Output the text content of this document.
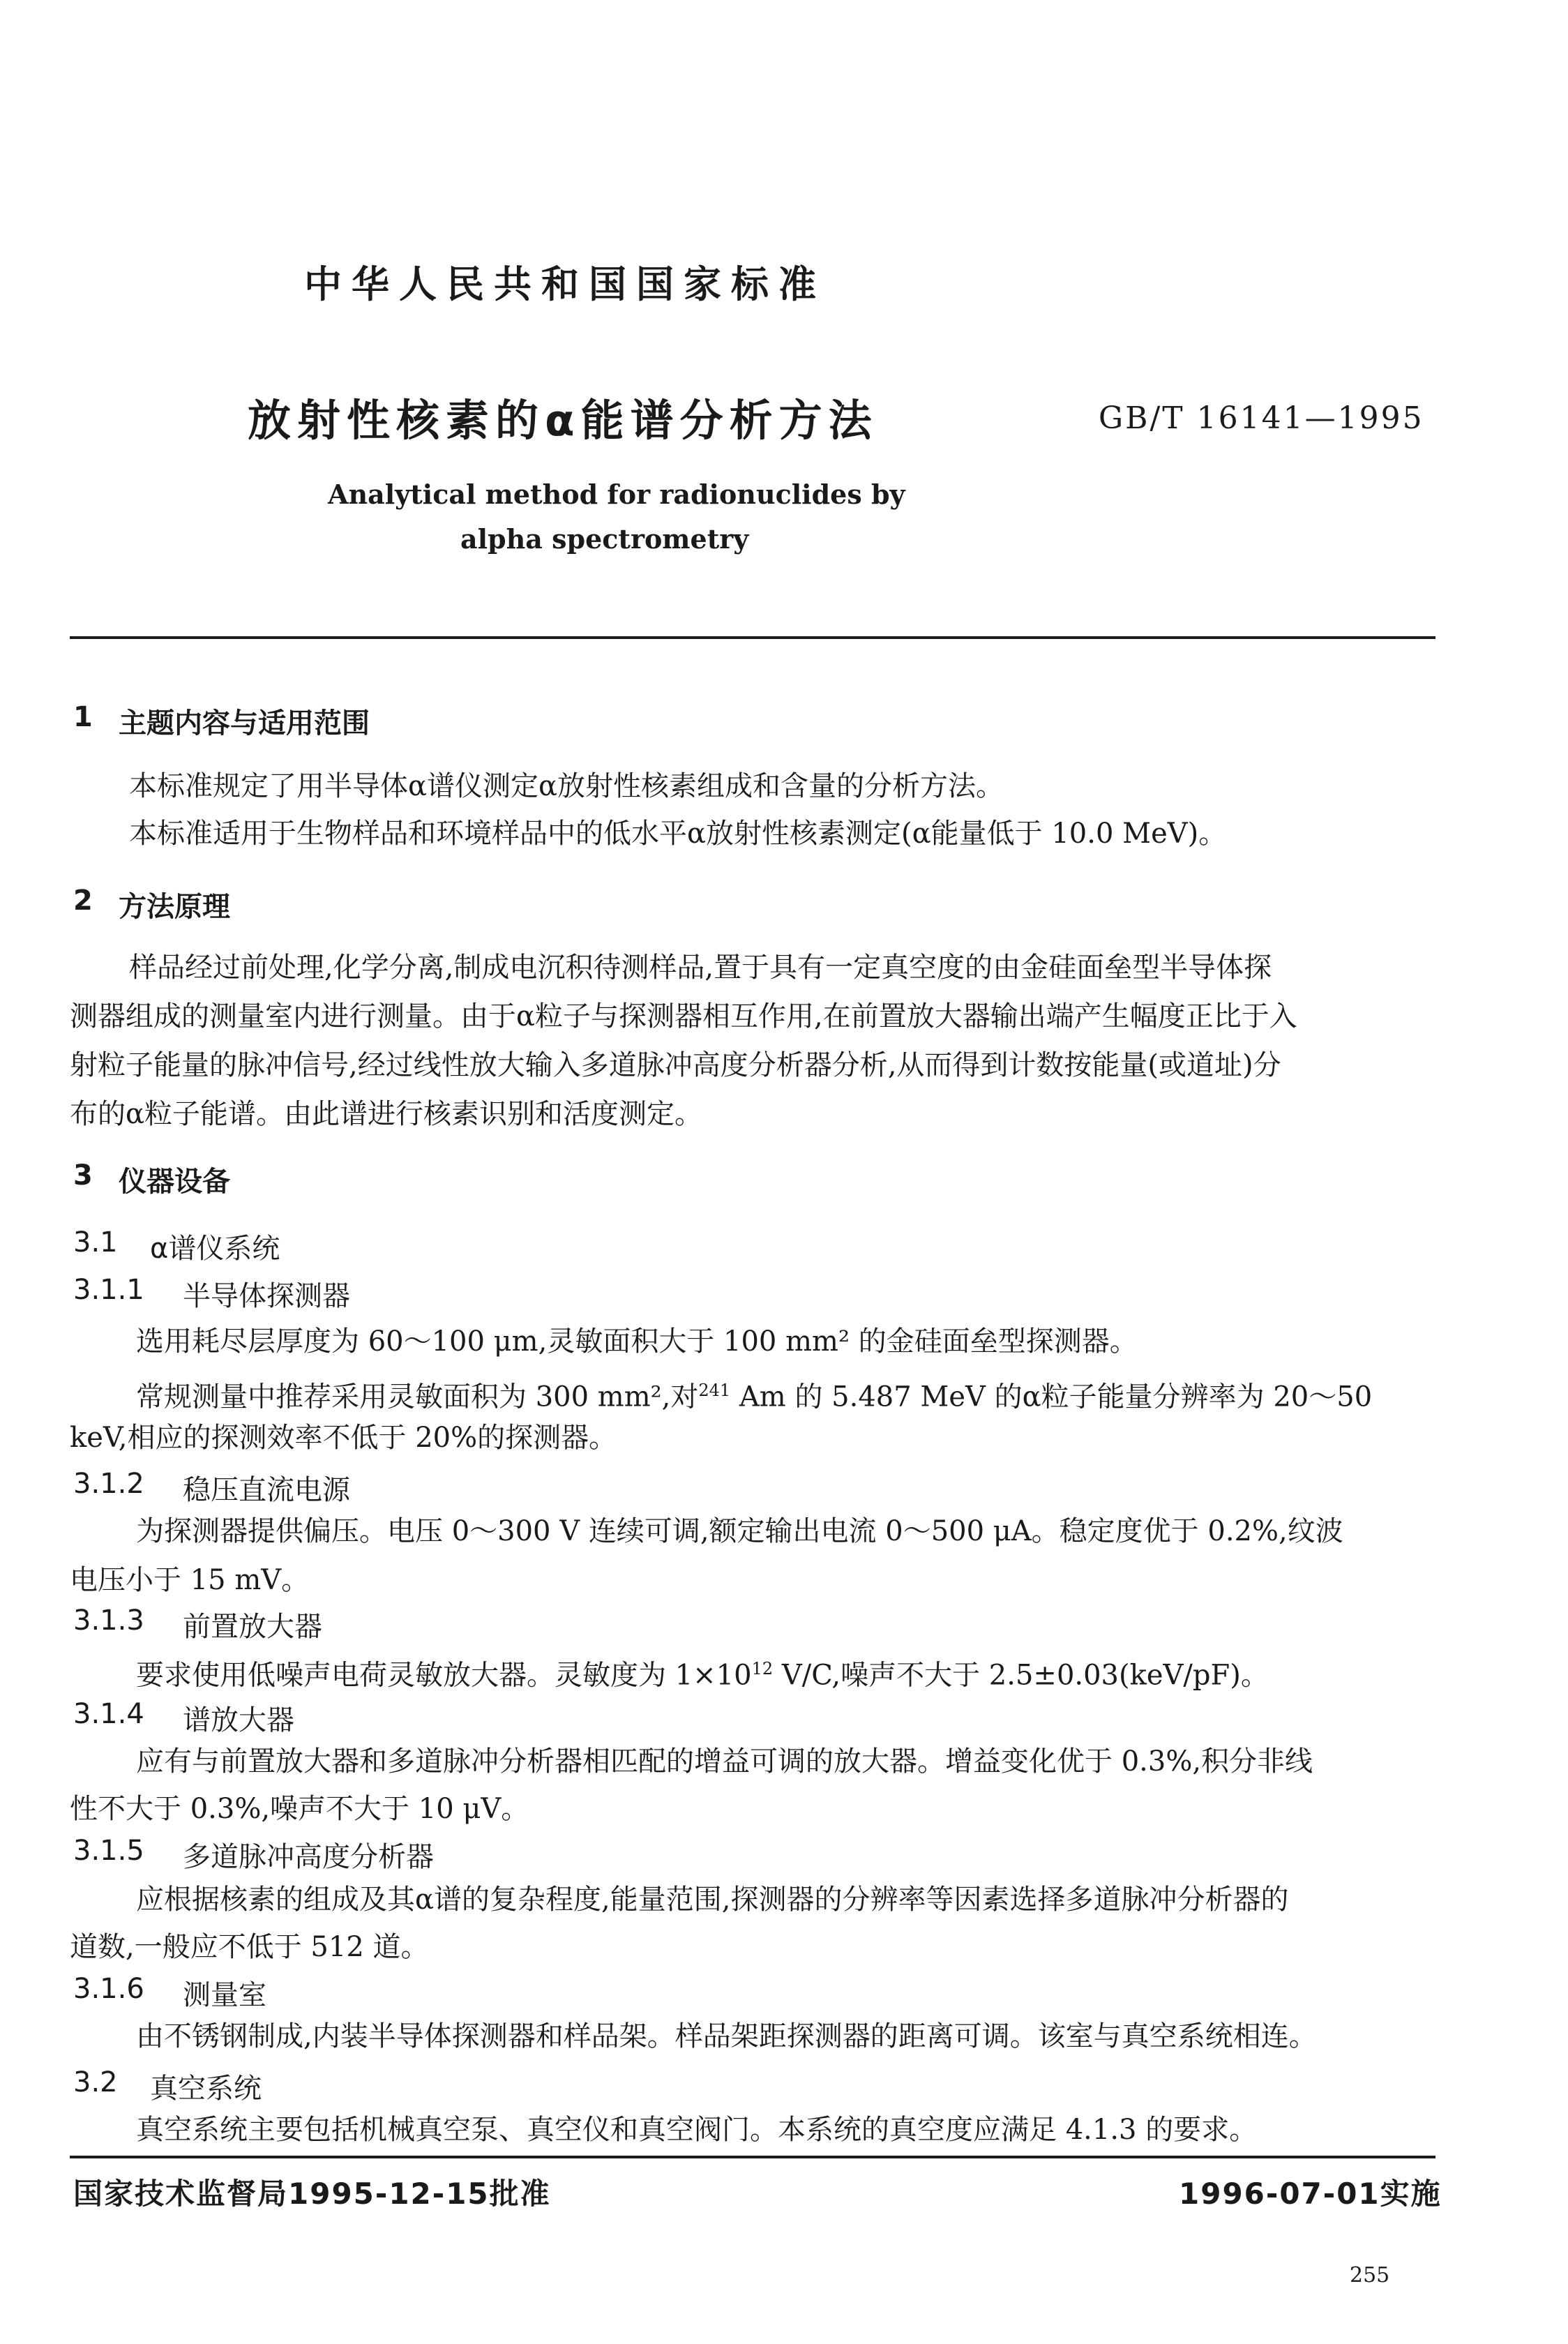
中华人民共和国国家标准
放射性核素的α能谱分析方法	GB/T 16141—1995
Analytical method for radionuclides by
alpha spectrometry
1 主题内容与适用范围
本标准规定了用半导体α谱仪测定α放射性核素组成和含量的分析方法。
本标准适用于生物样品和环境样品中的低水平α放射性核素测定(α能量低于 10.0 MeV)。
2 方法原理
样品经过前处理,化学分离,制成电沉积待测样品,置于具有一定真空度的由金硅面垒型半导体探
测器组成的测量室内进行测量。由于α粒子与探测器相互作用,在前置放大器输出端产生幅度正比于入
射粒子能量的脉冲信号,经过线性放大输入多道脉冲高度分析器分析,从而得到计数按能量(或道址)分
布的α粒子能谱。由此谱进行核素识别和活度测定。
3 仪器设备
3.1 α谱仪系统
3.1.1 半导体探测器
选用耗尽层厚度为 60～100 μm,灵敏面积大于 100 mm² 的金硅面垒型探测器。
常规测量中推荐采用灵敏面积为 300 mm²,对$^{241}$ Am 的 5.487 MeV 的α粒子能量分辨率为 20～50
keV,相应的探测效率不低于 20%的探测器。
3.1.2 稳压直流电源
为探测器提供偏压。电压 0～300 V 连续可调,额定输出电流 0～500 μA。稳定度优于 0.2%,纹波
电压小于 15 mV。
3.1.3 前置放大器
要求使用低噪声电荷灵敏放大器。灵敏度为 $1\times 10^{12}$ V/C,噪声不大于 2.5±0.03(keV/pF)。
3.1.4 谱放大器
应有与前置放大器和多道脉冲分析器相匹配的增益可调的放大器。增益变化优于 0.3%,积分非线
性不大于 0.3%,噪声不大于 10 μV。
3.1.5 多道脉冲高度分析器
应根据核素的组成及其α谱的复杂程度,能量范围,探测器的分辨率等因素选择多道脉冲分析器的
道数,一般应不低于 512 道。
3.1.6 测量室
由不锈钢制成,内装半导体探测器和样品架。样品架距探测器的距离可调。该室与真空系统相连。
3.2 真空系统
真空系统主要包括机械真空泵、真空仪和真空阀门。本系统的真空度应满足 4.1.3 的要求。
国家技术监督局1995-12-15批准	1996-07-01实施
255
